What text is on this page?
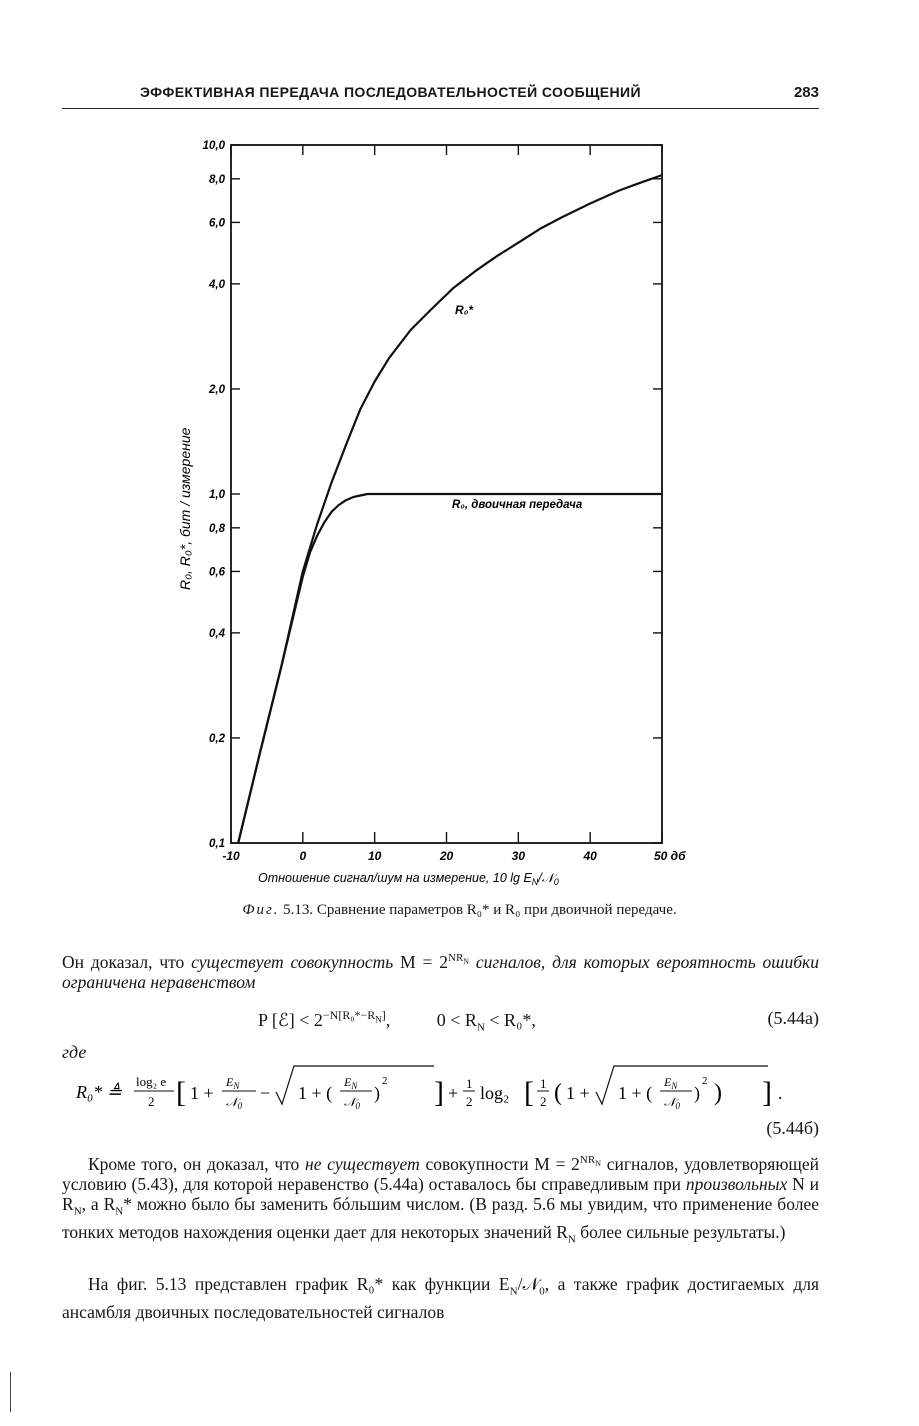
ЭФФЕКТИВНАЯ ПЕРЕДАЧА ПОСЛЕДОВАТЕЛЬНОСТЕЙ СООБЩЕНИЙ	283
0,1
0,2
0,4
0,6
0,8
1,0
2,0
4,0
6,0
8,0
10,0
-10	0	10	20	30	40	50 дб
R₀*
R₀, двоичная передача
Отношение сигнал/шум на измерение, 10 $\lg E_N/𝒩_0$
R₀, R₀*, бит / измерение
Фиг. 5.13. Сравнение параметров R₀* и R₀ при двоичной передаче.
Он доказал, что существует совокупность $M = 2^{NR_N}$ сигналов, для которых вероятность ошибки ограничена неравенством
P [ℰ] < $2^{-N[R_0*-R_N]}$,	$0 < R_N < R_0*$,	(5.44а)
где
R₀* ≜
log₂ e
2 [ 1 +
$E_N$
𝒩$_0$
− 1 + (
$E_N$
𝒩$_0$
)
2 ] + 1
2 log₂ [ 1
2 ( 1 + 1 + (
$E_N$
𝒩$_0$
)
2 ) ] .
(5.44б)
Кроме того, он доказал, что не существует совокупности $M = 2^{NR_N}$ сигналов, удовлетворяющей условию (5.43), для которой неравенство (5.44а) оставалось бы справедливым при произвольных N и $R_N$, а $R_N*$ можно было бы заменить бóльшим числом. (В разд. 5.6 мы увидим, что применение более тонких методов нахождения оценки дает для некоторых значений $R_N$ более сильные результаты.)
На фиг. 5.13 представлен график R₀* как функции $E_N/𝒩_0$, а также график достигаемых для ансамбля двоичных последовательностей сигналов
